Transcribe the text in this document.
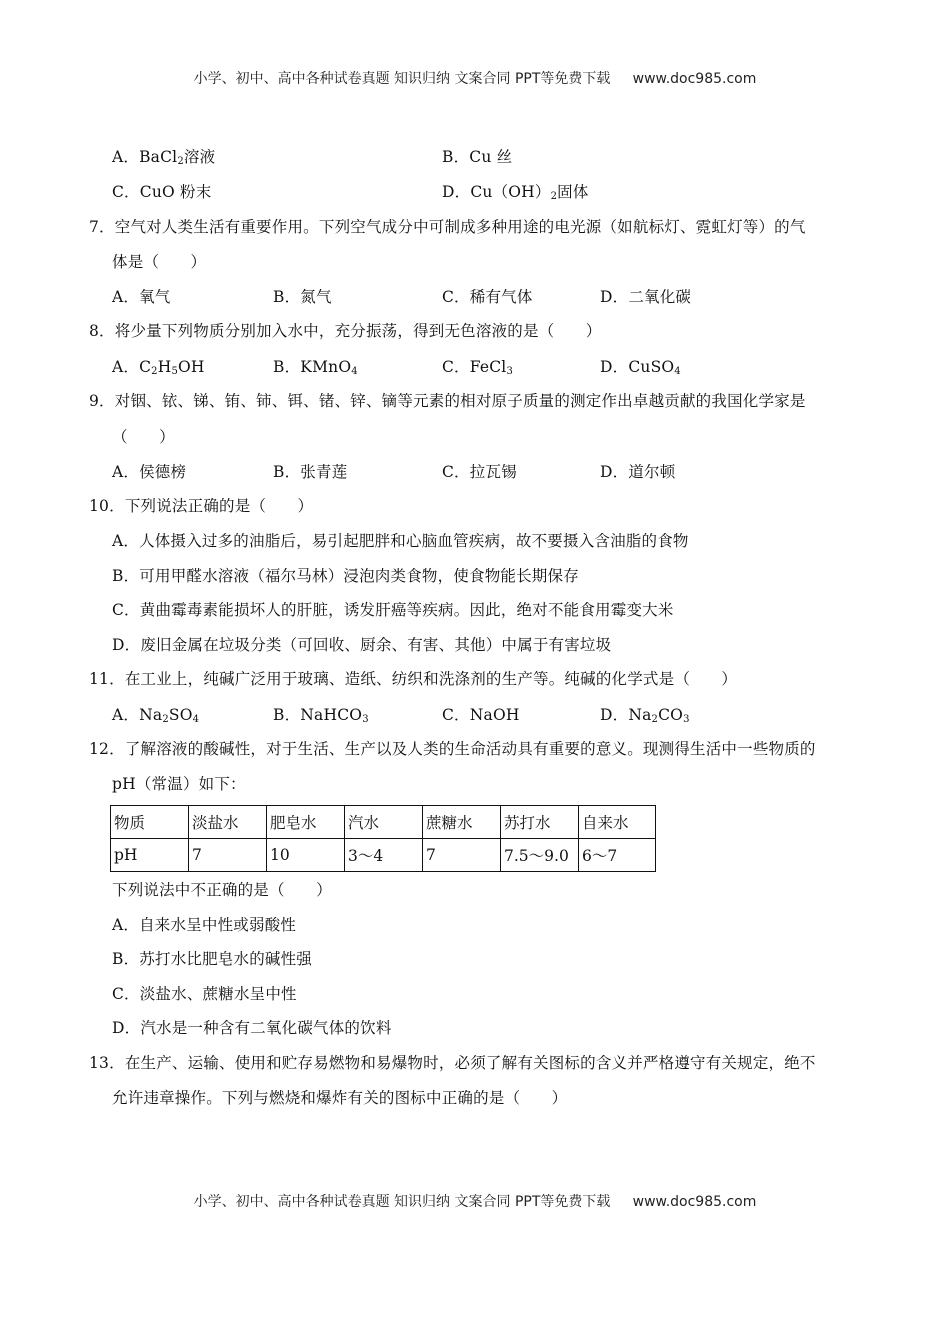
小学、初中、高中各种试卷真题 知识归纳 文案合同 PPT等免费下载     www.doc985.com
A．BaCl$_2$溶液	B．Cu 丝
C．CuO 粉末	D．$Cu(OH)_2$固体
7．空气对人类生活有重要作用。下列空气成分中可制成多种用途的电光源（如航标灯、霓虹灯等）的气
体是（　　）
A．氧气	B．氮气	C．稀有气体	D．二氧化碳
8．将少量下列物质分别加入水中，充分振荡，得到无色溶液的是（　　）
A．$C_2H_5OH$	B．KMnO$_4$	C．FeCl$_3$	D．CuSO$_4$
9．对铟、铱、锑、铕、铈、铒、锗、锌、镝等元素的相对原子质量的测定作出卓越贡献的我国化学家是
（　　）
A．侯德榜	B．张青莲	C．拉瓦锡	D．道尔顿
10．下列说法正确的是（　　）
A．人体摄入过多的油脂后，易引起肥胖和心脑血管疾病，故不要摄入含油脂的食物
B．可用甲醛水溶液（福尔马林）浸泡肉类食物，使食物能长期保存
C．黄曲霉毒素能损坏人的肝脏，诱发肝癌等疾病。因此，绝对不能食用霉变大米
D．废旧金属在垃圾分类（可回收、厨余、有害、其他）中属于有害垃圾
11．在工业上，纯碱广泛用于玻璃、造纸、纺织和洗涤剂的生产等。纯碱的化学式是（　　）
A．$Na_2SO_4$	B．NaHCO$_3$	C．NaOH	D．$Na_2CO_3$
12．了解溶液的酸碱性，对于生活、生产以及人类的生命活动具有重要的意义。现测得生活中一些物质的
pH（常温）如下：
物质	淡盐水	肥皂水	汽水	蔗糖水	苏打水	自来水
pH	7	10	3～4	7	7.5～9.0	6～7
下列说法中不正确的是（　　）
A．自来水呈中性或弱酸性
B．苏打水比肥皂水的碱性强
C．淡盐水、蔗糖水呈中性
D．汽水是一种含有二氧化碳气体的饮料
13．在生产、运输、使用和贮存易燃物和易爆物时，必须了解有关图标的含义并严格遵守有关规定，绝不
允许违章操作。下列与燃烧和爆炸有关的图标中正确的是（　　）
小学、初中、高中各种试卷真题 知识归纳 文案合同 PPT等免费下载     www.doc985.com
